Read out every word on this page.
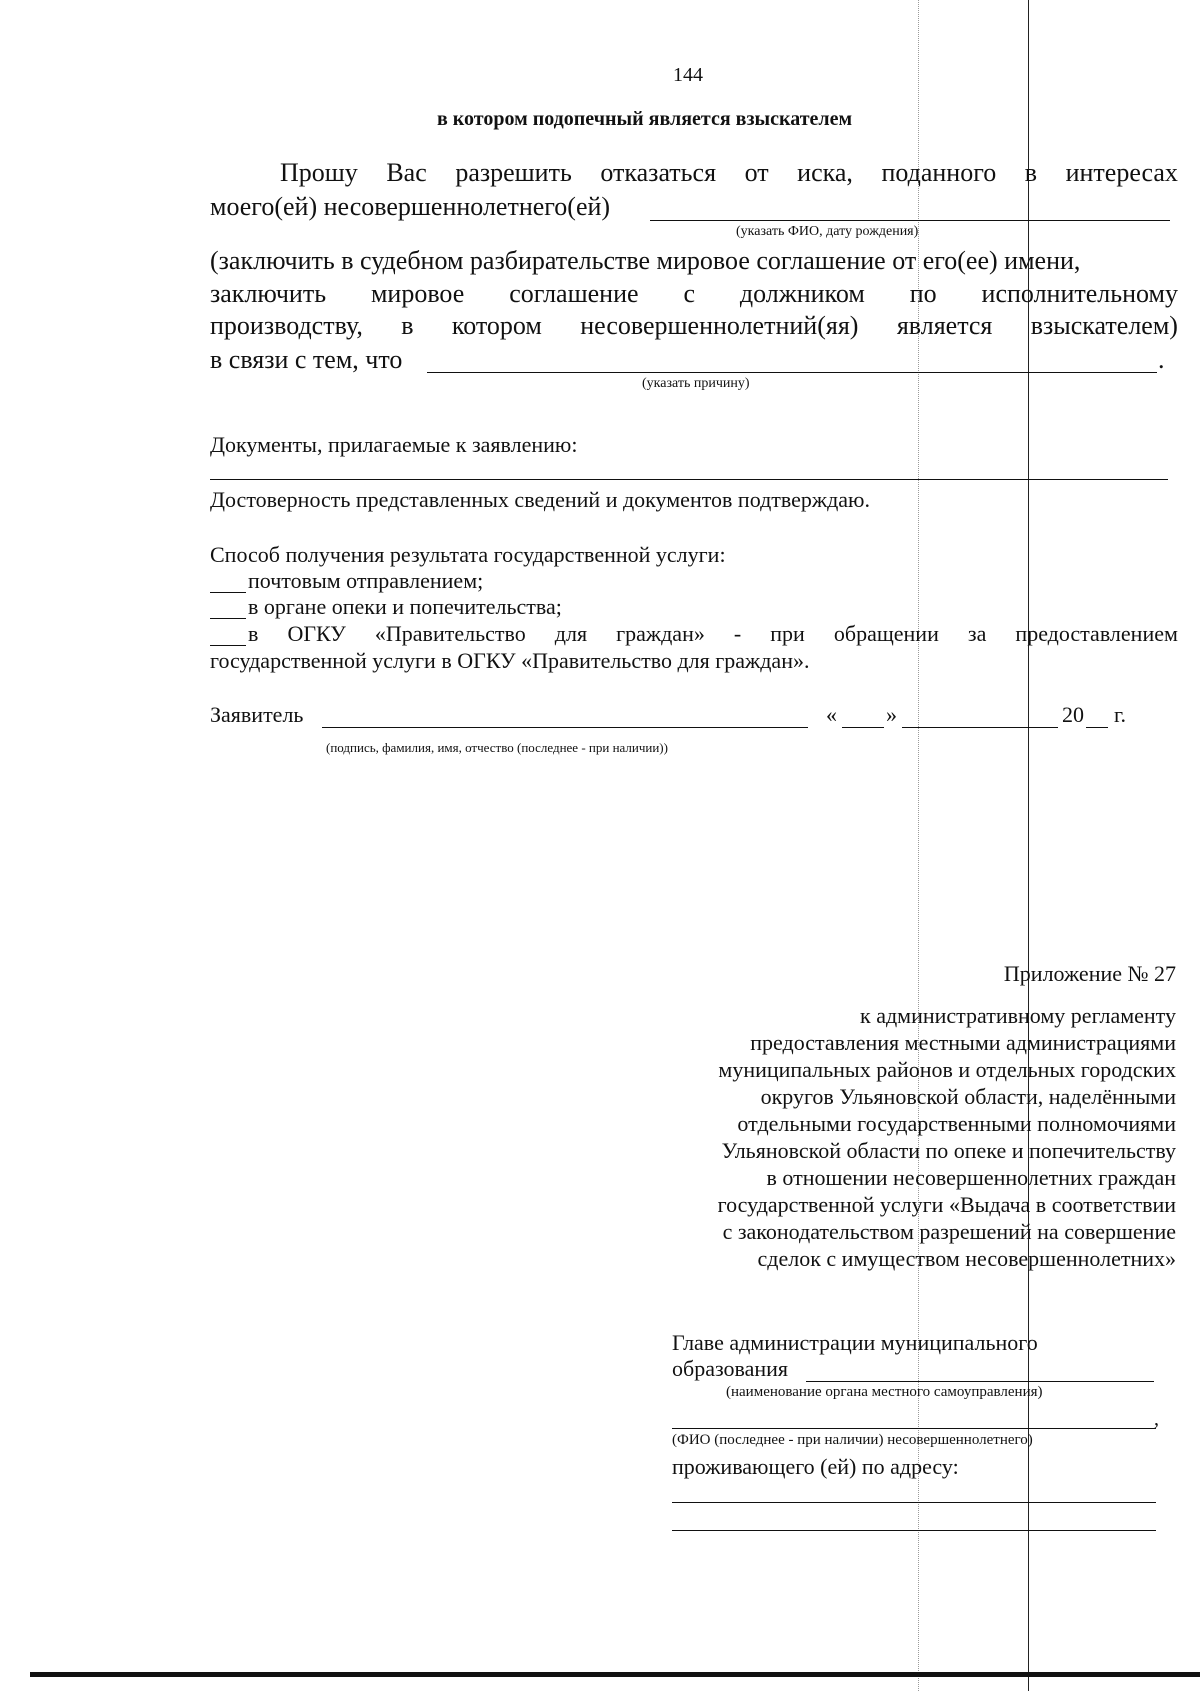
144
в котором подопечный является взыскателем
Прошу Вас разрешить отказаться от иска, поданного в интересах
моего(ей) несовершеннолетнего(ей)
(указать ФИО, дату рождения)
(заключить в судебном разбирательстве мировое соглашение от его(ее) имени,
заключить мировое соглашение с должником по исполнительному
производству, в котором несовершеннолетний(яя) является взыскателем)
в связи с тем, что	.
(указать причину)
Документы, прилагаемые к заявлению:
Достоверность представленных сведений и документов подтверждаю.
Способ получения результата государственной услуги:
почтовым отправлением;
в органе опеки и попечительства;
в ОГКУ «Правительство для граждан» - при обращении за предоставлением
государственной услуги в ОГКУ «Правительство для граждан».
Заявитель	« »	20 г.
(подпись, фамилия, имя, отчество (последнее - при наличии))
Приложение № 27
к административному регламенту
предоставления местными администрациями
муниципальных районов и отдельных городских
округов Ульяновской области, наделёнными
отдельными государственными полномочиями
Ульяновской области по опеке и попечительству
в отношении несовершеннолетних граждан
государственной услуги «Выдача в соответствии
с законодательством разрешений на совершение
сделок с имуществом несовершеннолетних»
Главе администрации муниципального
образования
(наименование органа местного самоуправления)
,
(ФИО (последнее - при наличии) несовершеннолетнего)
проживающего (ей) по адресу:
